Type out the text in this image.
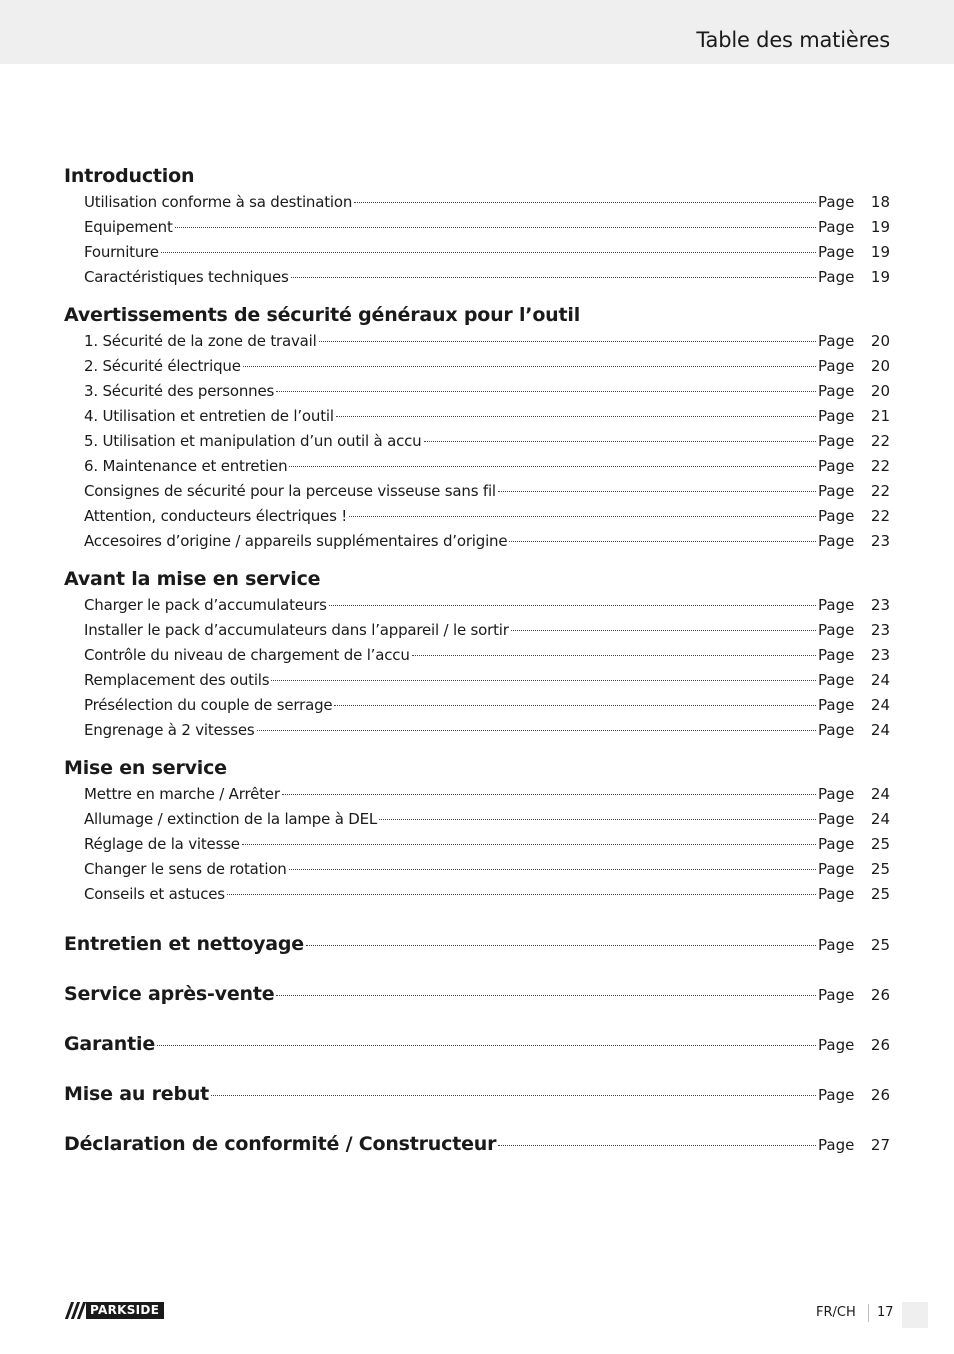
Table des matières
Introduction
Utilisation conforme à sa destination	Page 18
Equipement	Page 19
Fourniture	Page 19
Caractéristiques techniques	Page 19
Avertissements de sécurité généraux pour l’outil
1. Sécurité de la zone de travail	Page 20
2. Sécurité électrique	Page 20
3. Sécurité des personnes	Page 20
4. Utilisation et entretien de l’outil	Page 21
5. Utilisation et manipulation d’un outil à accu	Page 22
6. Maintenance et entretien	Page 22
Consignes de sécurité pour la perceuse visseuse sans fil	Page 22
Attention, conducteurs électriques !	Page 22
Accesoires d’origine / appareils supplémentaires d’origine	Page 23
Avant la mise en service
Charger le pack d’accumulateurs	Page 23
Installer le pack d’accumulateurs dans l’appareil / le sortir	Page 23
Contrôle du niveau de chargement de l’accu	Page 23
Remplacement des outils	Page 24
Présélection du couple de serrage	Page 24
Engrenage à 2 vitesses	Page 24
Mise en service
Mettre en marche / Arrêter	Page 24
Allumage / extinction de la lampe à DEL	Page 24
Réglage de la vitesse	Page 25
Changer le sens de rotation	Page 25
Conseils et astuces	Page 25
Entretien et nettoyage	Page 25
Service après-vente	Page 26
Garantie	Page 26
Mise au rebut	Page 26
Déclaration de conformité / Constructeur	Page 27
PARKSIDE	FR/CH 17
